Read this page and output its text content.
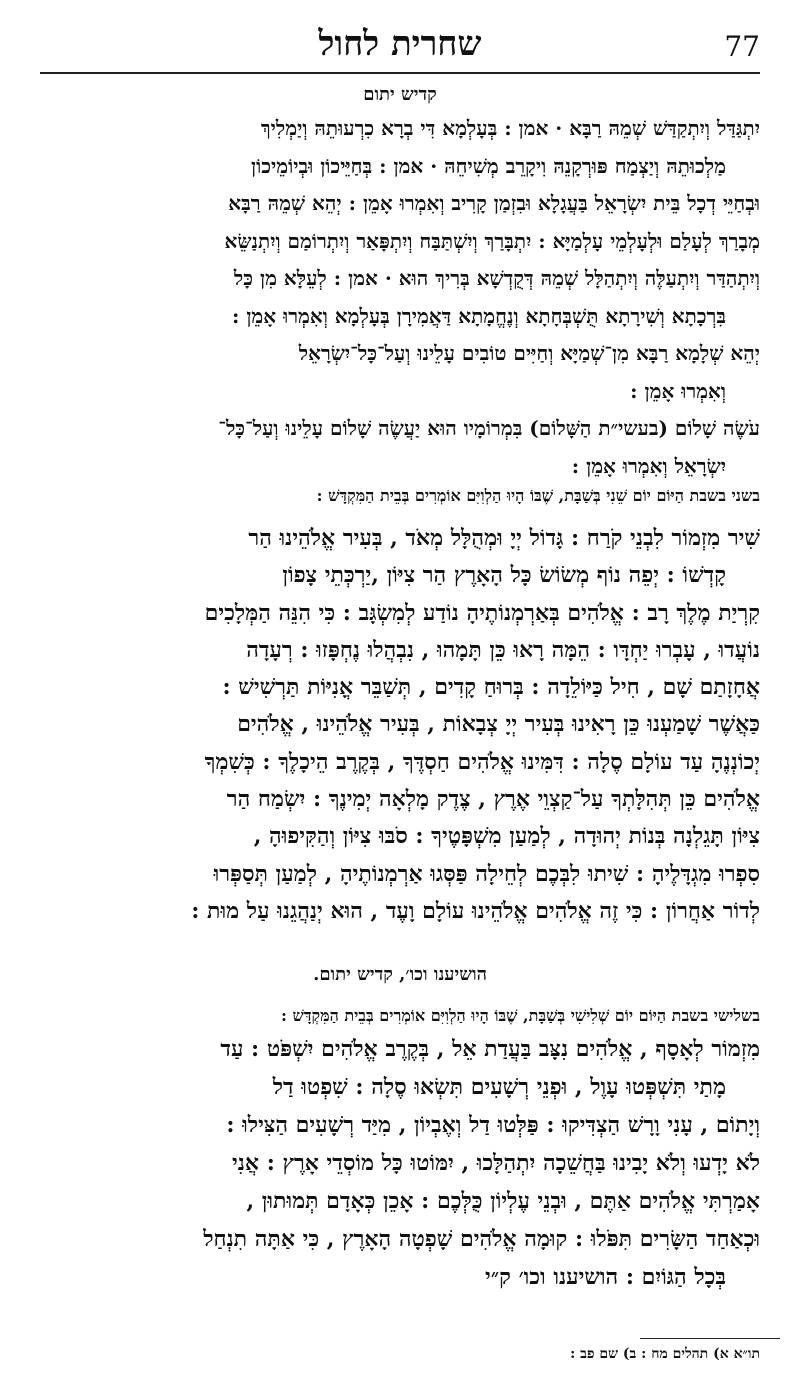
שחרית לחול	77
קדיש יתום
יִתְגַּדַּל וְיִתְקַדַּשׁ שְׁמֵהּ רַבָּא · אמן : בְּעָלְמָא דִּי בְרָא כִרְעוּתֵהּ וְיַמְלִיךְ
מַלְכוּתֵהּ וְיַצְמַח פּוּרְקָנֵהּ וִיקָרֵב מְשִׁיחֵהּ · אמן : בְּחַיֵּיכוֹן וּבְיוֹמֵיכוֹן
וּבְחַיֵּי דְכָל בֵּית יִשְׂרָאֵל בַּעֲגָלָא וּבִזְמַן קָרִיב וְאִמְרוּ אָמֵן : יְהֵא שְׁמֵהּ רַבָּא
מְבָרַךְ לְעָלַם וּלְעָלְמֵי עָלְמַיָּא : יִתְבָּרַךְ וְיִשְׁתַּבַּח וְיִתְפָּאַר וְיִתְרוֹמַם וְיִתְנַשֵּׂא
וְיִתְהַדַּר וְיִתְעַלֶּה וְיִתְהַלָּל שְׁמֵהּ דְּקֻדְשָׁא בְּרִיךְ הוּא · אמן : לְעֵלָּא מִן כָּל
בִּרְכָתָא וְשִׁירָתָא תֻּשְׁבְּחָתָא וְנֶחֱמָתָא דַּאֲמִירָן בְּעָלְמָא וְאִמְרוּ אָמֵן :
יְהֵא שְׁלָמָא רַבָּא מִן־שְׁמַיָּא וְחַיִּים טוֹבִים עָלֵינוּ וְעַל־כָּל־יִשְׂרָאֵל
וְאִמְרוּ אָמֵן :
עֹשֶׂה שָׁלוֹם (בעשי״ת הַשָּׁלוֹם) בִּמְרוֹמָיו הוּא יַעֲשֶׂה שָׁלוֹם עָלֵינוּ וְעַל־כָּל־
יִשְׂרָאֵל וְאִמְרוּ אָמֵן :
בשני בשבת הַיּוֹם יוֹם שֵׁנִי בְּשַׁבָּת, שֶׁבּוֹ הָיוּ הַלְוִיִּם אוֹמְרִים בְּבֵית הַמִּקְדָּשׁ :
שִׁיר מִזְמוֹר לִבְנֵי קֹרַח : גָּדוֹל יְיָ וּמְהֻלָּל מְאֹד , בְּעִיר אֱלֹהֵינוּ הַר
קָדְשׁוֹ : יְפֵה נוֹף מְשׂוֹשׂ כָּל הָאָרֶץ הַר צִיּוֹן ,יַרְכְּתֵי צָפוֹן
קִרְיַת מֶלֶךְ רָב : אֱלֹהִים בְּאַרְמְנוֹתֶיהָ נוֹדַע לְמִשְׂגָּב : כִּי הִנֵּה הַמְּלָכִים
נוֹעֲדוּ , עָבְרוּ יַחְדָּו : הֵמָּה רָאוּ כֵּן תָּמָהוּ , נִבְהֲלוּ נֶחְפָּזוּ : רְעָדָה
אֲחָזָתַם שָׁם , חִיל כַּיּוֹלֵדָה : בְּרוּחַ קָדִים , תְּשַׁבֵּר אֳנִיּוֹת תַּרְשִׁישׁ :
כַּאֲשֶׁר שָׁמַעְנוּ כֵּן רָאִינוּ בְּעִיר יְיָ צְבָאוֹת , בְּעִיר אֱלֹהֵינוּ , אֱלֹהִים
יְכוֹנְנֶהָ עַד עוֹלָם סֶלָה : דִּמִּינוּ אֱלֹהִים חַסְדֶּךָ , בְּקֶרֶב הֵיכָלֶךָ : כְּשִׁמְךָ
אֱלֹהִים כֵּן תְּהִלָּתְךָ עַל־קַצְוֵי אֶרֶץ , צֶדֶק מָלְאָה יְמִינֶךָ : יִשְׂמַח הַר
צִיּוֹן תָּגֵלְנָה בְּנוֹת יְהוּדָה , לְמַעַן מִשְׁפָּטֶיךָ : סֹבּוּ צִיּוֹן וְהַקִּיפוּהָ ,
סִפְרוּ מִגְדָּלֶיהָ : שִׁיתוּ לִבְּכֶם לְחֵילָה פַּסְּגוּ אַרְמְנוֹתֶיהָ , לְמַעַן תְּסַפְּרוּ
לְדוֹר אַחֲרוֹן : כִּי זֶה אֱלֹהִים אֱלֹהֵינוּ עוֹלָם וָעֶד , הוּא יְנַהֲגֵנוּ עַל מוּת :
הושיענו וכו׳, קדיש יתום.
בשלישי בשבת הַיּוֹם יוֹם שְׁלִישִׁי בְּשַׁבָּת, שֶׁבּוֹ הָיוּ הַלְוִיִּם אוֹמְרִים בְּבֵית הַמִּקְדָּשׁ :
מִזְמוֹר לְאָסָף , אֱלֹהִים נִצָּב בַּעֲדַת אֵל , בְּקֶרֶב אֱלֹהִים יִשְׁפֹּט : עַד
מָתַי תִּשְׁפְּטוּ עָוֶל , וּפְנֵי רְשָׁעִים תִּשְׂאוּ סֶלָה : שִׁפְטוּ דַל
וְיָתוֹם , עָנִי וָרָשׁ הַצְדִּיקוּ : פַּלְּטוּ דַל וְאֶבְיוֹן , מִיַּד רְשָׁעִים הַצִּילוּ :
לֹא יָדְעוּ וְלֹא יָבִינוּ בַּחֲשֵׁכָה יִתְהַלָּכוּ , יִמּוֹטוּ כָּל מוֹסְדֵי אָרֶץ : אֲנִי
אָמַרְתִּי אֱלֹהִים אַתֶּם , וּבְנֵי עֶלְיוֹן כֻּלְּכֶם : אָכֵן כְּאָדָם תְּמוּתוּן ,
וּכְאַחַד הַשָּׂרִים תִּפֹּלוּ : קוּמָה אֱלֹהִים שָׁפְטָה הָאָרֶץ , כִּי אַתָּה תִנְחַל
בְּכָל הַגּוֹיִם : הושיענו וכו׳ ק״י
תו״א א) תהלים מח : ב) שם פב :
